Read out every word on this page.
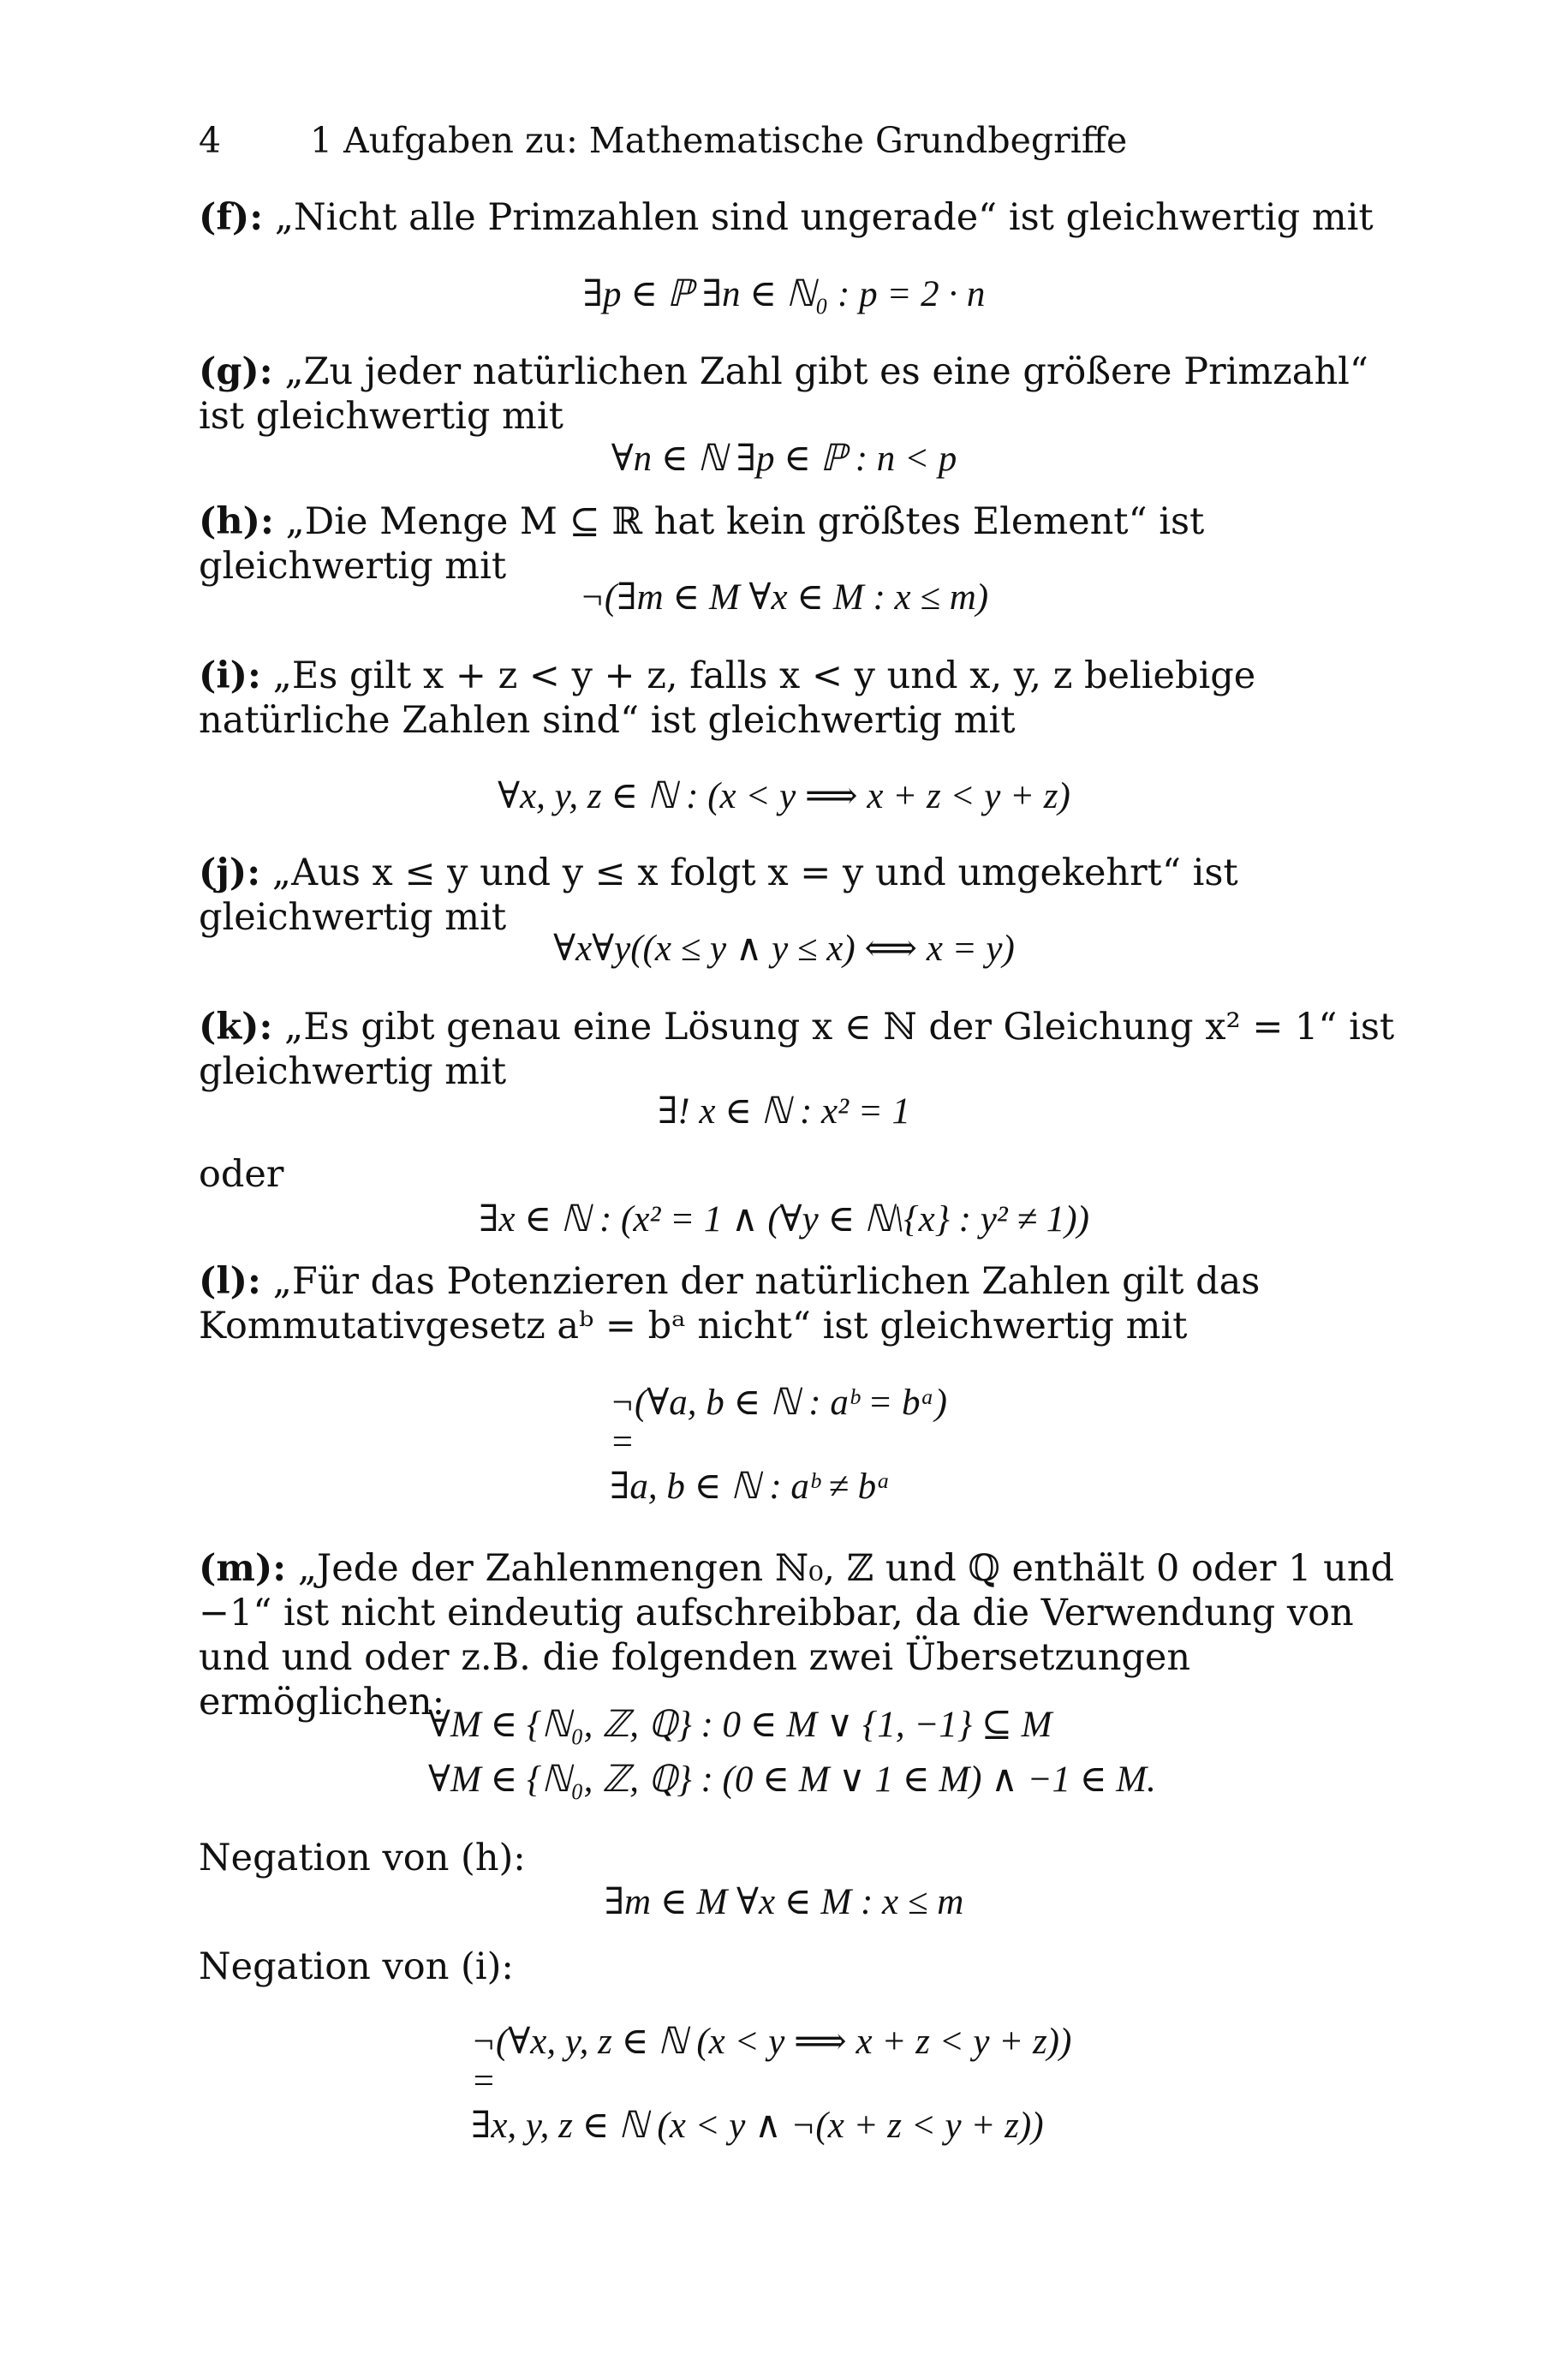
4	1 Aufgaben zu: Mathematische Grundbegriffe
(f): „Nicht alle Primzahlen sind ungerade“ ist gleichwertig mit
∃p ∈ ℙ ∃n ∈ ℕ₀ : p = 2 · n
(g): „Zu jeder natürlichen Zahl gibt es eine größere Primzahl“ ist gleichwertig mit
∀n ∈ ℕ ∃p ∈ ℙ : n < p
(h): „Die Menge M ⊆ ℝ hat kein größtes Element“ ist gleichwertig mit
¬(∃m ∈ M ∀x ∈ M : x ≤ m)
(i): „Es gilt x + z < y + z, falls x < y und x, y, z beliebige natürliche Zahlen sind“ ist gleichwertig mit
∀x, y, z ∈ ℕ : (x < y ⟹ x + z < y + z)
(j): „Aus x ≤ y und y ≤ x folgt x = y und umgekehrt“ ist gleichwertig mit
∀x∀y((x ≤ y ∧ y ≤ x) ⟺ x = y)
(k): „Es gibt genau eine Lösung x ∈ ℕ der Gleichung x² = 1“ ist gleichwertig mit
∃! x ∈ ℕ : x² = 1
oder
∃x ∈ ℕ : (x² = 1 ∧ (∀y ∈ ℕ\{x} : y² ≠ 1))
(l): „Für das Potenzieren der natürlichen Zahlen gilt das Kommutativgesetz aᵇ = bᵃ nicht“ ist gleichwertig mit
¬(∀a, b ∈ ℕ : aᵇ = bᵃ)
=
∃a, b ∈ ℕ : aᵇ ≠ bᵃ
(m): „Jede der Zahlenmengen ℕ₀, ℤ und ℚ enthält 0 oder 1 und −1“ ist nicht eindeutig aufschreibbar, da die Verwendung von und und oder z.B. die folgenden zwei Übersetzungen ermöglichen:
∀M ∈ {ℕ₀, ℤ, ℚ} : 0 ∈ M ∨ {1, −1} ⊆ M
∀M ∈ {ℕ₀, ℤ, ℚ} : (0 ∈ M ∨ 1 ∈ M) ∧ −1 ∈ M.
Negation von (h):
∃m ∈ M ∀x ∈ M : x ≤ m
Negation von (i):
¬(∀x, y, z ∈ ℕ (x < y ⟹ x + z < y + z))
=
∃x, y, z ∈ ℕ (x < y ∧ ¬(x + z < y + z))
